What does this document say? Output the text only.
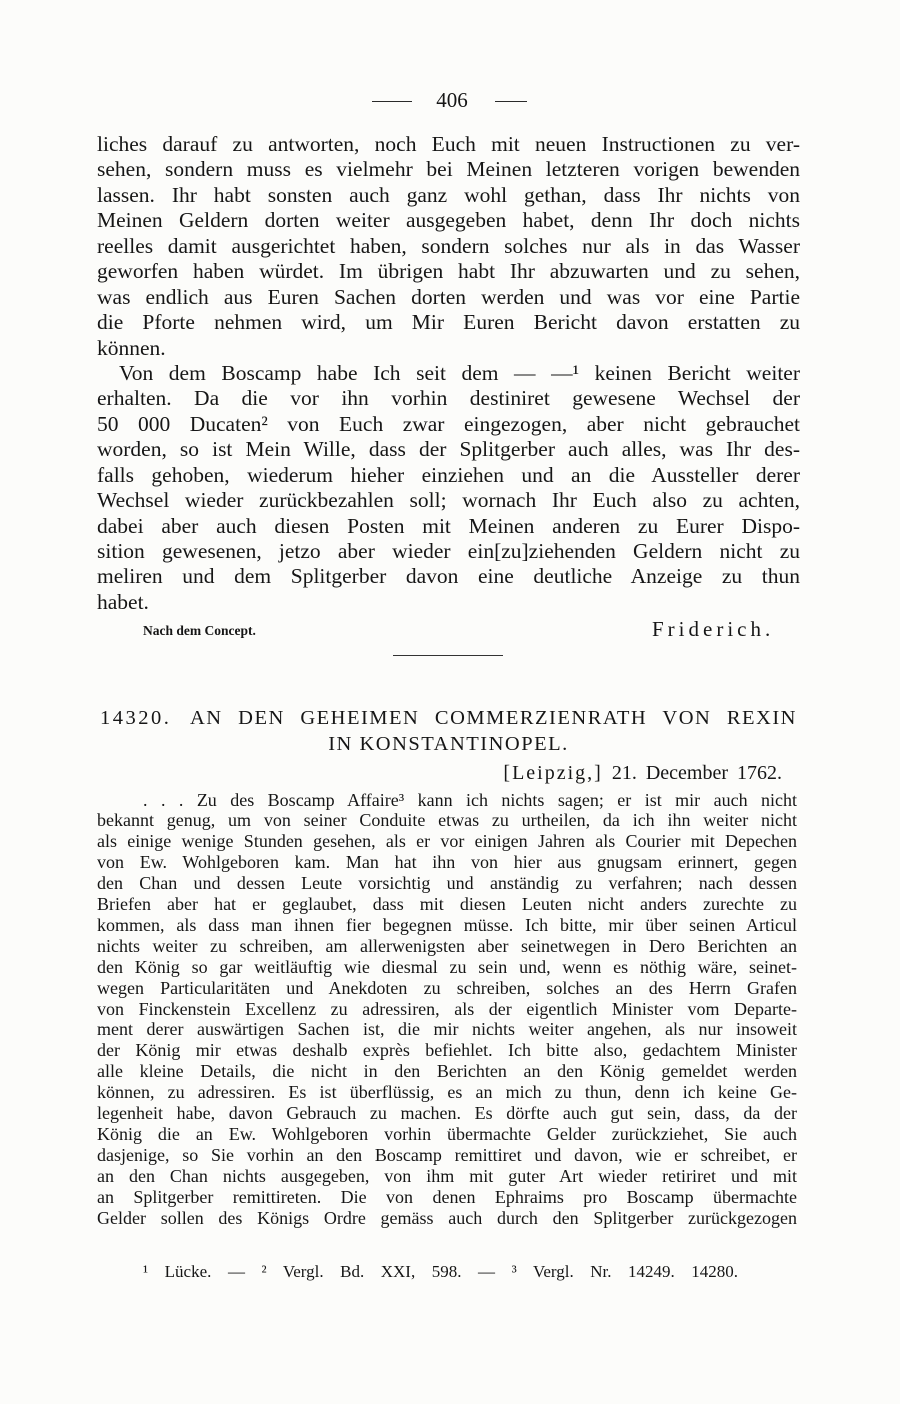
406
liches darauf zu antworten, noch Euch mit neuen Instructionen zu ver-
sehen, sondern muss es vielmehr bei Meinen letzteren vorigen bewenden
lassen. Ihr habt sonsten auch ganz wohl gethan, dass Ihr nichts von
Meinen Geldern dorten weiter ausgegeben habet, denn Ihr doch nichts
reelles damit ausgerichtet haben, sondern solches nur als in das Wasser
geworfen haben würdet. Im übrigen habt Ihr abzuwarten und zu sehen,
was endlich aus Euren Sachen dorten werden und was vor eine Partie
die Pforte nehmen wird, um Mir Euren Bericht davon erstatten zu
können.
Von dem Boscamp habe Ich seit dem — —¹ keinen Bericht weiter
erhalten. Da die vor ihn vorhin destiniret gewesene Wechsel der
50 000 Ducaten² von Euch zwar eingezogen, aber nicht gebrauchet
worden, so ist Mein Wille, dass der Splitgerber auch alles, was Ihr des-
falls gehoben, wiederum hieher einziehen und an die Aussteller derer
Wechsel wieder zurückbezahlen soll; wornach Ihr Euch also zu achten,
dabei aber auch diesen Posten mit Meinen anderen zu Eurer Dispo-
sition gewesenen, jetzo aber wieder ein[zu]ziehenden Geldern nicht zu
meliren und dem Splitgerber davon eine deutliche Anzeige zu thun
habet.
Nach dem Concept.	Friderich.
14320. AN DEN GEHEIMEN COMMERZIENRATH VON REXIN
IN KONSTANTINOPEL.
[Leipzig,] 21. December 1762.
. . . Zu des Boscamp Affaire³ kann ich nichts sagen; er ist mir auch nicht
bekannt genug, um von seiner Conduite etwas zu urtheilen, da ich ihn weiter nicht
als einige wenige Stunden gesehen, als er vor einigen Jahren als Courier mit Depechen
von Ew. Wohlgeboren kam. Man hat ihn von hier aus gnugsam erinnert, gegen
den Chan und dessen Leute vorsichtig und anständig zu verfahren; nach dessen
Briefen aber hat er geglaubet, dass mit diesen Leuten nicht anders zurechte zu
kommen, als dass man ihnen fier begegnen müsse. Ich bitte, mir über seinen Articul
nichts weiter zu schreiben, am allerwenigsten aber seinetwegen in Dero Berichten an
den König so gar weitläuftig wie diesmal zu sein und, wenn es nöthig wäre, seinet-
wegen Particularitäten und Anekdoten zu schreiben, solches an des Herrn Grafen
von Finckenstein Excellenz zu adressiren, als der eigentlich Minister vom Departe-
ment derer auswärtigen Sachen ist, die mir nichts weiter angehen, als nur insoweit
der König mir etwas deshalb exprès befiehlet. Ich bitte also, gedachtem Minister
alle kleine Details, die nicht in den Berichten an den König gemeldet werden
können, zu adressiren. Es ist überflüssig, es an mich zu thun, denn ich keine Ge-
legenheit habe, davon Gebrauch zu machen. Es dörfte auch gut sein, dass, da der
König die an Ew. Wohlgeboren vorhin übermachte Gelder zurückziehet, Sie auch
dasjenige, so Sie vorhin an den Boscamp remittiret und davon, wie er schreibet, er
an den Chan nichts ausgegeben, von ihm mit guter Art wieder retiriret und mit
an Splitgerber remittireten. Die von denen Ephraims pro Boscamp übermachte
Gelder sollen des Königs Ordre gemäss auch durch den Splitgerber zurückgezogen
¹ Lücke. — ² Vergl. Bd. XXI, 598. — ³ Vergl. Nr. 14249. 14280.
